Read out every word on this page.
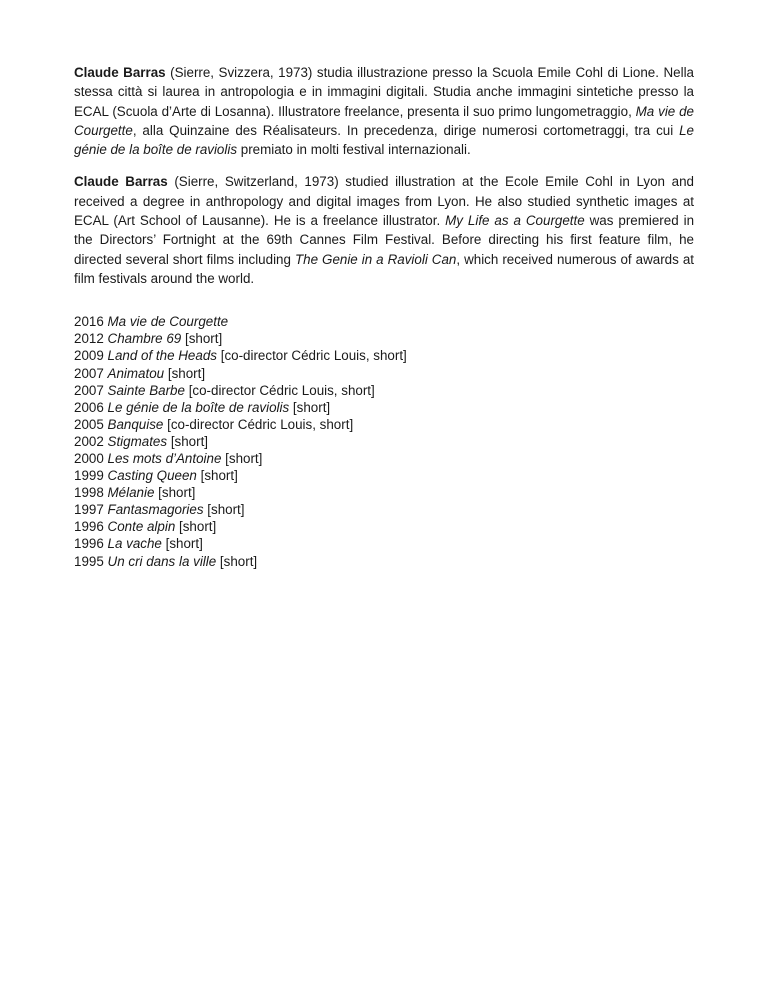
Claude Barras (Sierre, Svizzera, 1973) studia illustrazione presso la Scuola Emile Cohl di Lione. Nella stessa città si laurea in antropologia e in immagini digitali. Studia anche immagini sintetiche presso la ECAL (Scuola d’Arte di Losanna). Illustratore freelance, presenta il suo primo lungometraggio, Ma vie de Courgette, alla Quinzaine des Réalisateurs. In precedenza, dirige numerosi cortometraggi, tra cui Le génie de la boîte de raviolis premiato in molti festival internazionali.

Claude Barras (Sierre, Switzerland, 1973) studied illustration at the Ecole Emile Cohl in Lyon and received a degree in anthropology and digital images from Lyon. He also studied synthetic images at ECAL (Art School of Lausanne). He is a freelance illustrator. My Life as a Courgette was premiered in the Directors’ Fortnight at the 69th Cannes Film Festival. Before directing his first feature film, he directed several short films including The Genie in a Ravioli Can, which received numerous of awards at film festivals around the world.

2016 Ma vie de Courgette
2012 Chambre 69 [short]
2009 Land of the Heads [co-director Cédric Louis, short]
2007 Animatou [short]
2007 Sainte Barbe [co-director Cédric Louis, short]
2006 Le génie de la boîte de raviolis [short]
2005 Banquise [co-director Cédric Louis, short]
2002 Stigmates [short]
2000 Les mots d’Antoine [short]
1999 Casting Queen [short]
1998 Mélanie [short]
1997 Fantasmagories [short]
1996 Conte alpin [short]
1996 La vache [short]
1995 Un cri dans la ville [short]
